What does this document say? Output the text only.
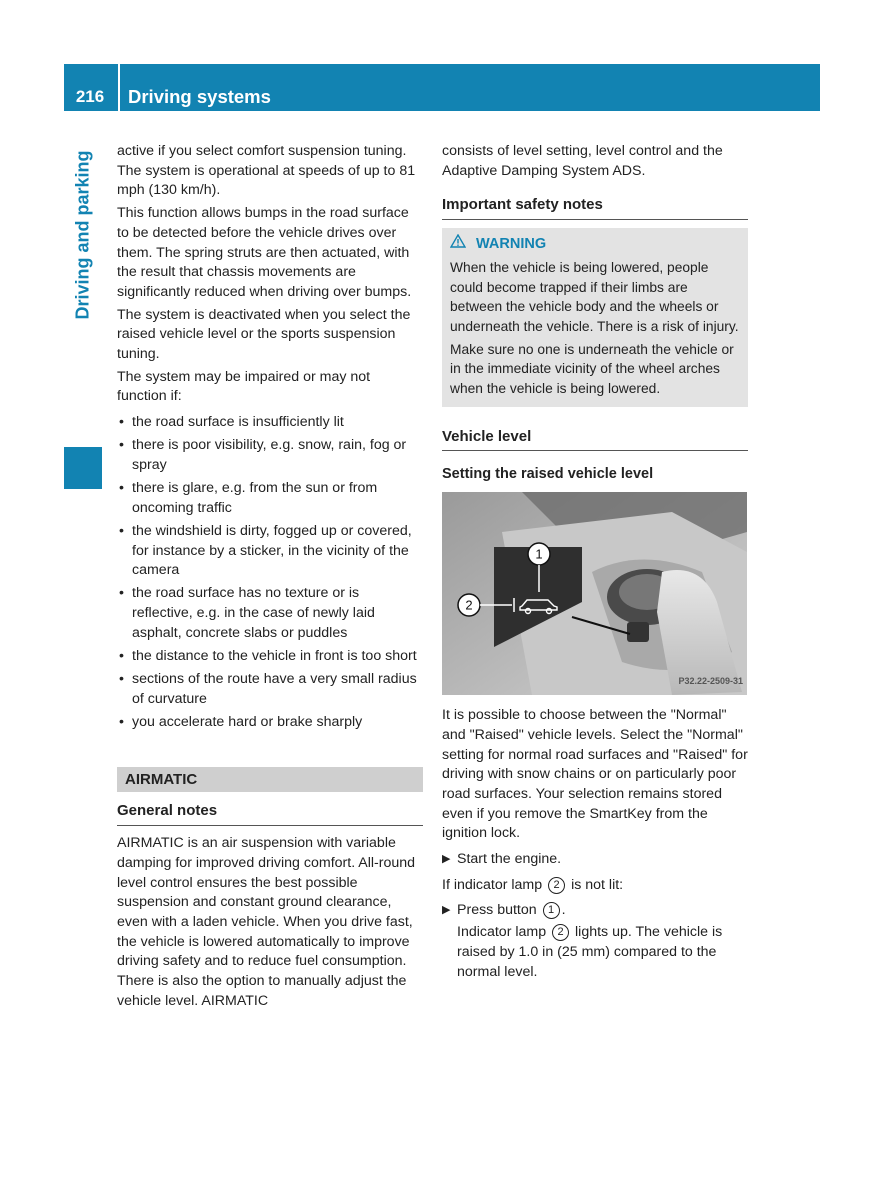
216	Driving systems
Driving and parking active if you select comfort suspension tuning. The system is operational at speeds of up to 81 mph (130 km/h).

This function allows bumps in the road surface to be detected before the vehicle drives over them. The spring struts are then actuated, with the result that chassis movements are significantly reduced when driving over bumps.

The system is deactivated when you select the raised vehicle level or the sports suspension tuning.

The system may be impaired or may not function if:

• the road surface is insufficiently lit
• there is poor visibility, e.g. snow, rain, fog or spray
• there is glare, e.g. from the sun or from oncoming traffic
• the windshield is dirty, fogged up or covered, for instance by a sticker, in the vicinity of the camera
• the road surface has no texture or is reflective, e.g. in the case of newly laid asphalt, concrete slabs or puddles
• the distance to the vehicle in front is too short
• sections of the route have a very small radius of curvature
• you accelerate hard or brake sharply
AIRMATIC
General notes

AIRMATIC is an air suspension with variable damping for improved driving comfort. All-round level control ensures the best possible suspension and constant ground clearance, even with a laden vehicle. When you drive fast, the vehicle is lowered automatically to improve driving safety and to reduce fuel consumption. There is also the option to manually adjust the vehicle level. AIRMATIC

consists of level setting, level control and the Adaptive Damping System ADS.

Important safety notes
WARNING

When the vehicle is being lowered, people could become trapped if their limbs are between the vehicle body and the wheels or underneath the vehicle. There is a risk of injury.

Make sure no one is underneath the vehicle or in the immediate vicinity of the wheel arches when the vehicle is being lowered.

Vehicle level
Setting the raised vehicle level
1
2
P32.22-2509-31

It is possible to choose between the "Normal" and "Raised" vehicle levels. Select the "Normal" setting for normal road surfaces and "Raised" for driving with snow chains or on particularly poor road surfaces. Your selection remains stored even if you remove the SmartKey from the ignition lock.

▶ Start the engine.

If indicator lamp 2 is not lit:

▶ Press button 1 .
Indicator lamp 2 lights up. The vehicle is raised by 1.0 in (25 mm) compared to the normal level.
